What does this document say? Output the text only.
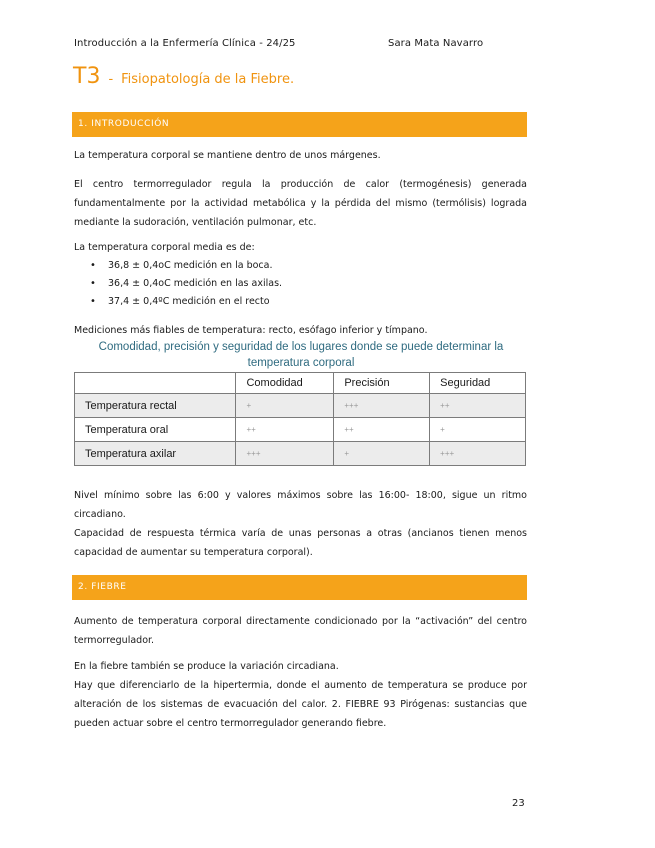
Introducción a la Enfermería Clínica - 24/25	Sara Mata Navarro
T3 - Fisiopatología de la Fiebre.
1. INTRODUCCIÓN
La temperatura corporal se mantiene dentro de unos márgenes.
El centro termorregulador regula la producción de calor (termogénesis) generada fundamentalmente por la actividad metabólica y la pérdida del mismo (termólisis) lograda mediante la sudoración, ventilación pulmonar, etc.
La temperatura corporal media es de:
• 36,8 ± 0,4oC medición en la boca.
• 36,4 ± 0,4oC medición en las axilas.
• 37,4 ± 0,4ºC medición en el recto
Mediciones más fiables de temperatura: recto, esófago inferior y tímpano.
Comodidad, precisión y seguridad de los lugares donde se puede determinar la temperatura corporal
	Comodidad	Precisión	Seguridad
Temperatura rectal	+	+++	++
Temperatura oral	++	++	+
Temperatura axilar	+++	+	+++
Nivel mínimo sobre las 6:00 y valores máximos sobre las 16:00- 18:00, sigue un ritmo circadiano.
Capacidad de respuesta térmica varía de unas personas a otras (ancianos tienen menos capacidad de aumentar su temperatura corporal).
2. FIEBRE
Aumento de temperatura corporal directamente condicionado por la “activación” del centro termorregulador.
En la fiebre también se produce la variación circadiana.
Hay que diferenciarlo de la hipertermia, donde el aumento de temperatura se produce por alteración de los sistemas de evacuación del calor. 2. FIEBRE 93 Pirógenas: sustancias que pueden actuar sobre el centro termorregulador generando fiebre.
23
